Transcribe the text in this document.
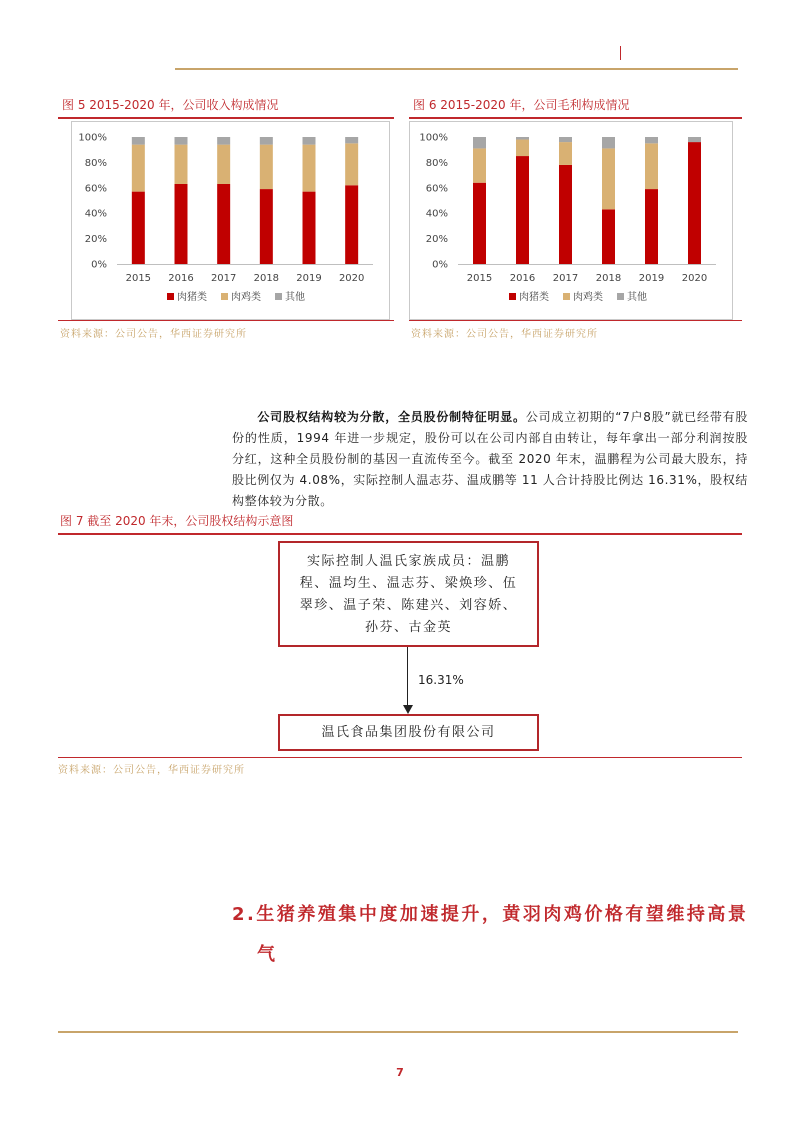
图 5 2015-2020 年，公司收入构成情况
0%
20%
40%
60%
80%
100%
2015 2016 2017 2018 2019 2020
肉猪类 肉鸡类 其他
资料来源：公司公告，华西证券研究所
图 6 2015-2020 年，公司毛利构成情况
0%
20%
40%
60%
80%
100%
2015 2016 2017 2018 2019 2020
肉猪类 肉鸡类 其他
资料来源：公司公告，华西证券研究所
  公司股权结构较为分散，全员股份制特征明显。公司成立初期的“7户8股”就已经带有股份的性质，1994 年进一步规定，股份可以在公司内部自由转让，每年拿出一部分利润按股分红，这种全员股份制的基因一直流传至今。截至 2020 年末，温鹏程为公司最大股东，持股比例仅为 4.08%，实际控制人温志芬、温成鹏等 11 人合计持股比例达 16.31%，股权结构整体较为分散。
图 7 截至 2020 年末，公司股权结构示意图
实际控制人温氏家族成员：温鹏程、温均生、温志芬、梁焕珍、伍翠珍、温子荣、陈建兴、刘容娇、孙芬、古金英
16.31%
温氏食品集团股份有限公司
资料来源：公司公告，华西证券研究所
2.生猪养殖集中度加速提升，黄羽肉鸡价格有望维持高景
气
7
